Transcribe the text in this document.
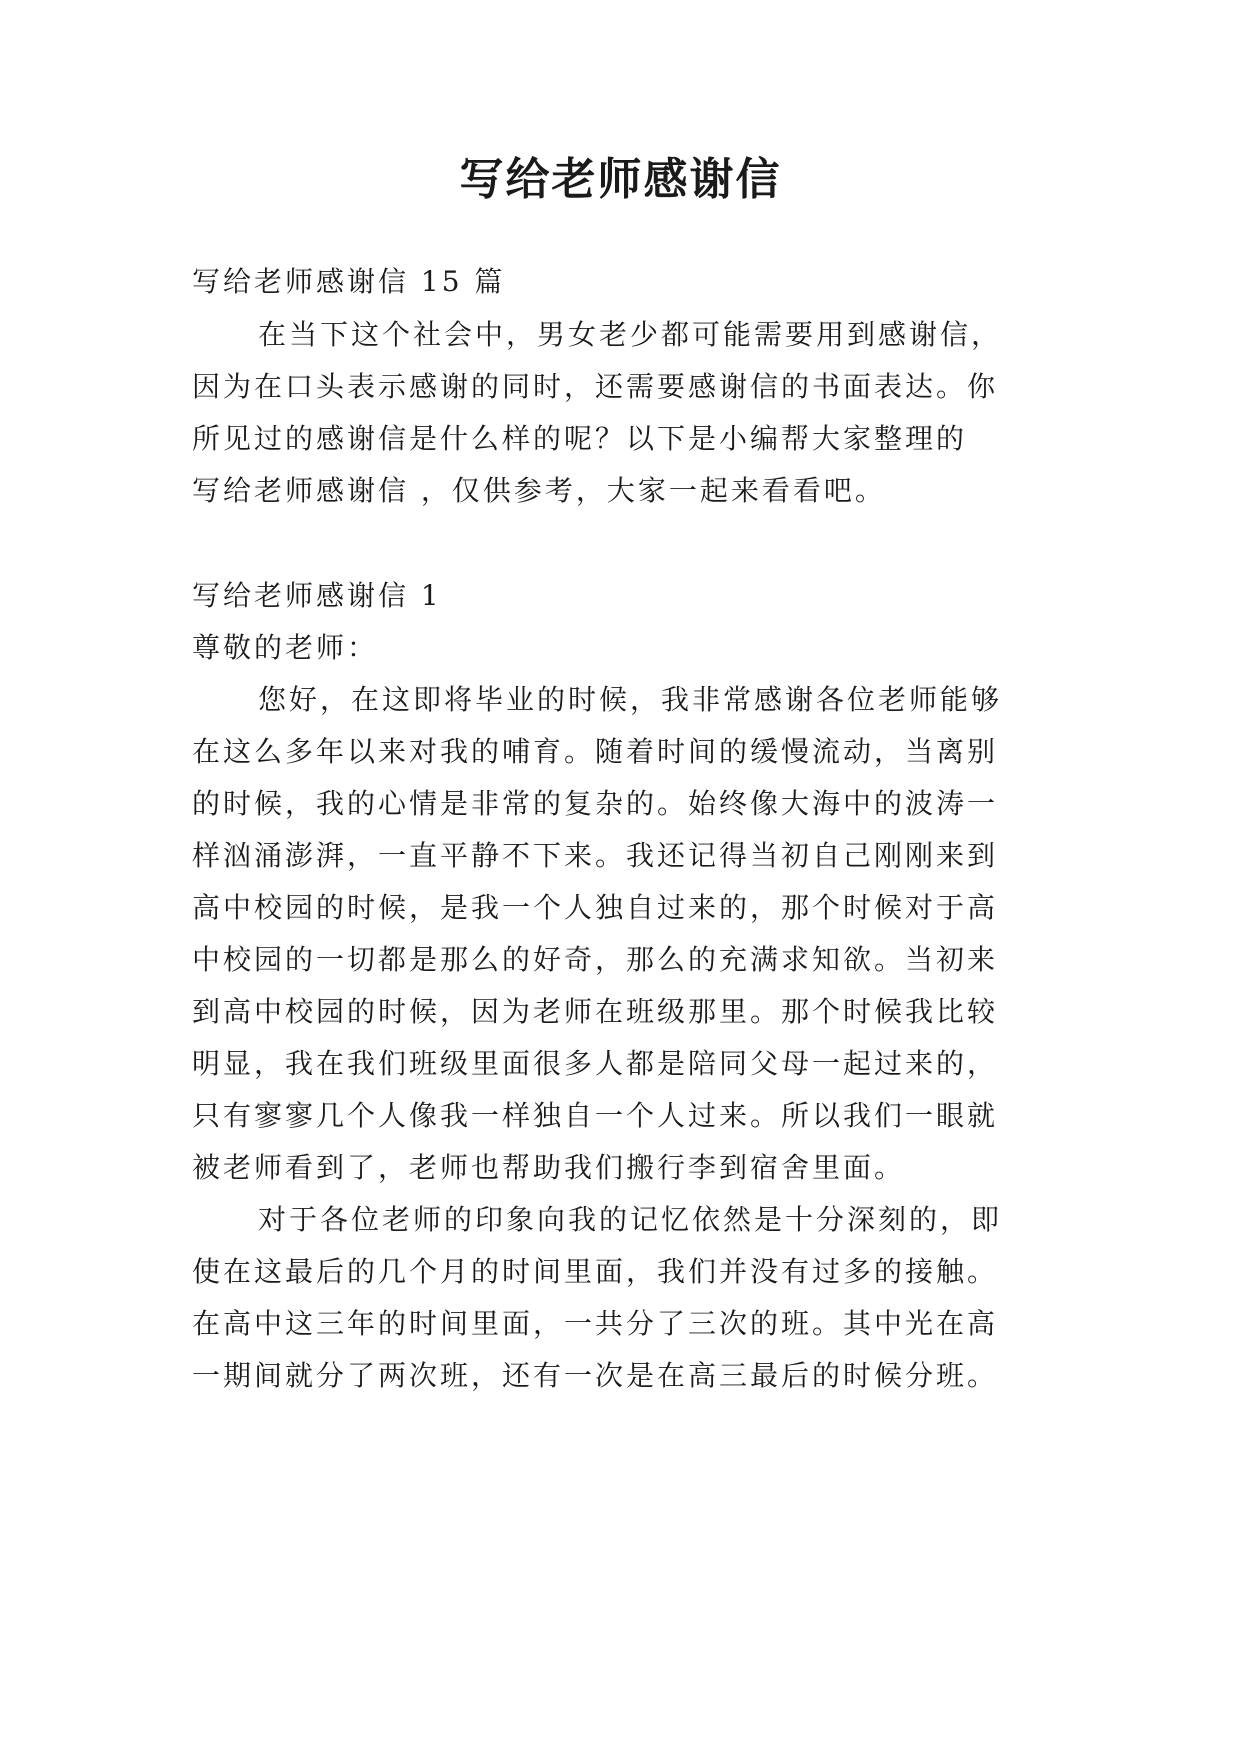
写给老师感谢信
写给老师感谢信 15 篇
在当下这个社会中，男女老少都可能需要用到感谢信，
因为在口头表示感谢的同时，还需要感谢信的书面表达。你
所见过的感谢信是什么样的呢？以下是小编帮大家整理的
写给老师感谢信 ，仅供参考，大家一起来看看吧。
写给老师感谢信 1
尊敬的老师：
您好，在这即将毕业的时候，我非常感谢各位老师能够
在这么多年以来对我的哺育。随着时间的缓慢流动，当离别
的时候，我的心情是非常的复杂的。始终像大海中的波涛一
样汹涌澎湃，一直平静不下来。我还记得当初自己刚刚来到
高中校园的时候，是我一个人独自过来的，那个时候对于高
中校园的一切都是那么的好奇，那么的充满求知欲。当初来
到高中校园的时候，因为老师在班级那里。那个时候我比较
明显，我在我们班级里面很多人都是陪同父母一起过来的，
只有寥寥几个人像我一样独自一个人过来。所以我们一眼就
被老师看到了，老师也帮助我们搬行李到宿舍里面。
对于各位老师的印象向我的记忆依然是十分深刻的，即
使在这最后的几个月的时间里面，我们并没有过多的接触。
在高中这三年的时间里面，一共分了三次的班。其中光在高
一期间就分了两次班，还有一次是在高三最后的时候分班。
